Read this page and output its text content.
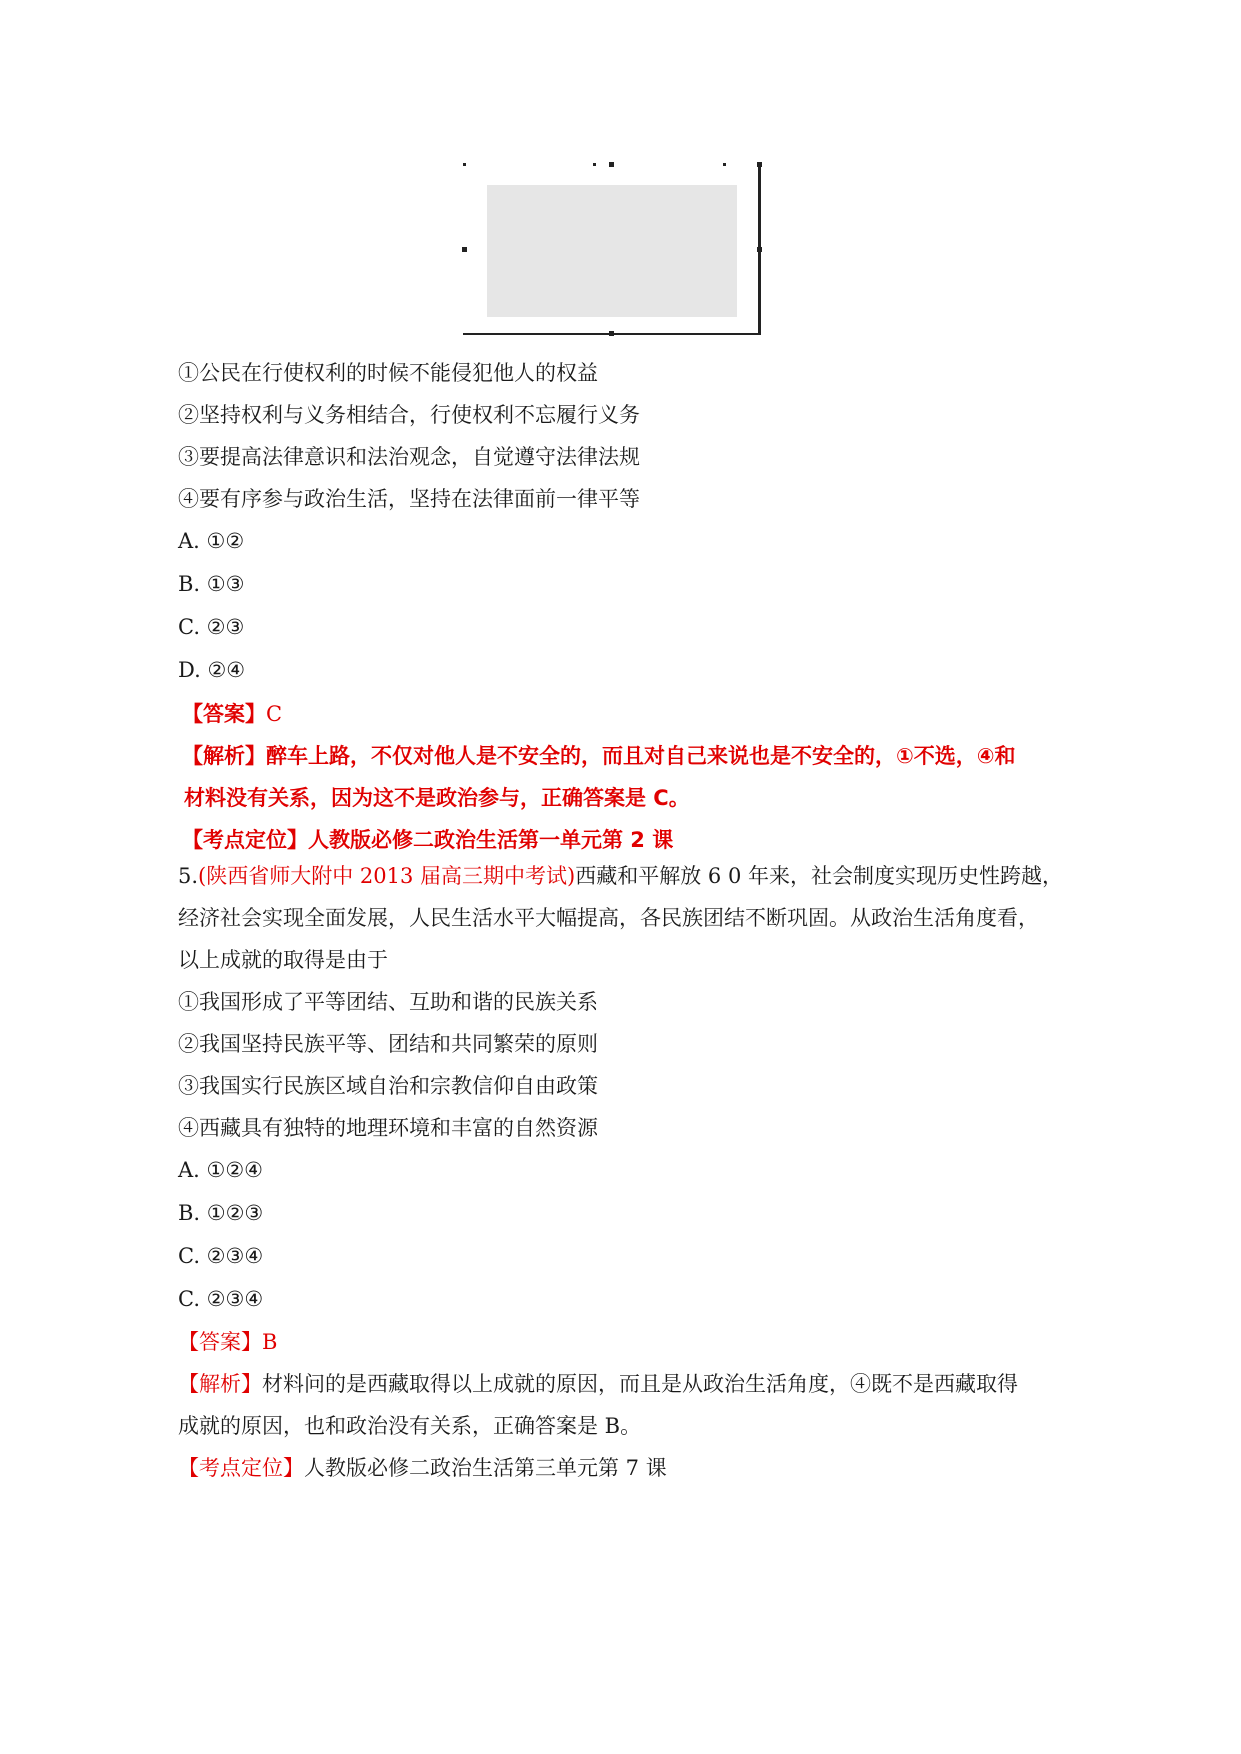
①公民在行使权利的时候不能侵犯他人的权益
②坚持权利与义务相结合，行使权利不忘履行义务
③要提高法律意识和法治观念，自觉遵守法律法规
④要有序参与政治生活，坚持在法律面前一律平等
A. ①②
B. ①③
C. ②③
D. ②④
【答案】C
【解析】醉车上路，不仅对他人是不安全的，而且对自己来说也是不安全的，①不选，④和
材料没有关系，因为这不是政治参与，正确答案是 C。
【考点定位】人教版必修二政治生活第一单元第 2 课
5.(陕西省师大附中 2013 届高三期中考试)西藏和平解放 6 0 年来，社会制度实现历史性跨越，
经济社会实现全面发展，人民生活水平大幅提高，各民族团结不断巩固。从政治生活角度看，
以上成就的取得是由于
①我国形成了平等团结、互助和谐的民族关系
②我国坚持民族平等、团结和共同繁荣的原则
③我国实行民族区域自治和宗教信仰自由政策
④西藏具有独特的地理环境和丰富的自然资源
A. ①②④
B. ①②③
C. ②③④
C. ②③④
【答案】B
【解析】材料问的是西藏取得以上成就的原因，而且是从政治生活角度，④既不是西藏取得
成就的原因，也和政治没有关系，正确答案是 B。
【考点定位】人教版必修二政治生活第三单元第 7 课
